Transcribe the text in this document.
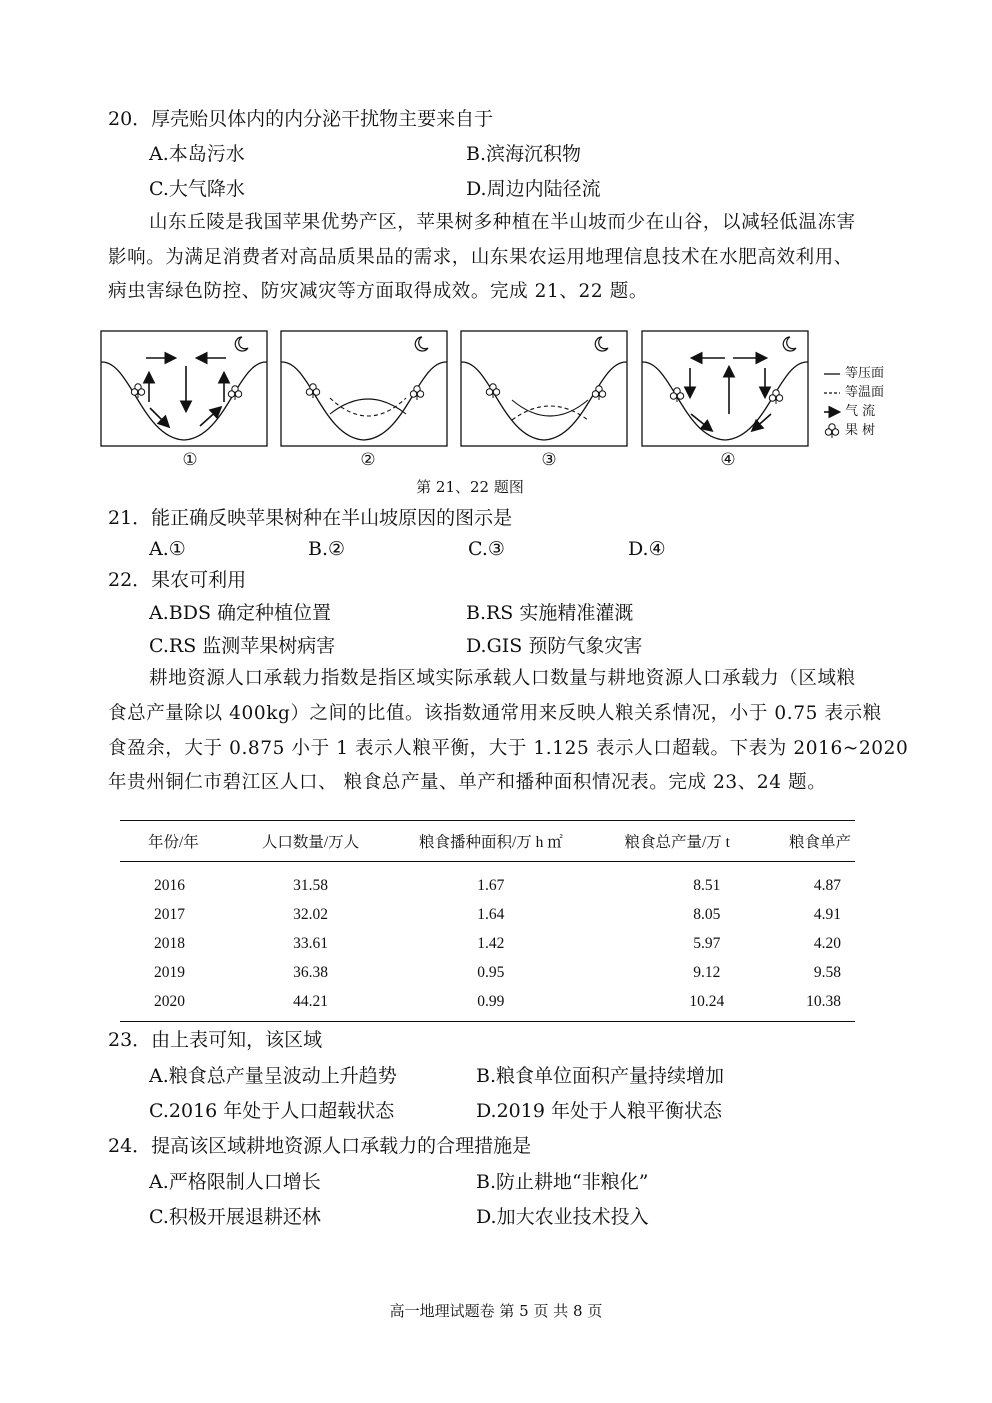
20．厚壳贻贝体内的内分泌干扰物主要来自于
A.本岛污水	B.滨海沉积物
C.大气降水	D.周边内陆径流
山东丘陵是我国苹果优势产区，苹果树多种植在半山坡而少在山谷，以减轻低温冻害
影响。为满足消费者对高品质果品的需求，山东果农运用地理信息技术在水肥高效利用、
病虫害绿色防控、防灾减灾等方面取得成效。完成 21、22 题。
等压面
等温面
气 流
果 树
①	②	③	④
第 21、22 题图
21．能正确反映苹果树种在半山坡原因的图示是
A.①	B.②	C.③	D.④
22．果农可利用
A.BDS 确定种植位置	B.RS 实施精准灌溉
C.RS 监测苹果树病害	D.GIS 预防气象灾害
耕地资源人口承载力指数是指区域实际承载人口数量与耕地资源人口承载力（区域粮
食总产量除以 400kg）之间的比值。该指数通常用来反映人粮关系情况，小于 0.75 表示粮
食盈余，大于 0.875 小于 1 表示人粮平衡，大于 1.125 表示人口超载。下表为 2016~2020
年贵州铜仁市碧江区人口、 粮食总产量、单产和播种面积情况表。完成 23、24 题。
年份/年	人口数量/万人	粮食播种面积/万 h ㎡	粮食总产量/万 t	粮食单产
2016	31.58	1.67	8.51	4.87
2017	32.02	1.64	8.05	4.91
2018	33.61	1.42	5.97	4.20
2019	36.38	0.95	9.12	9.58
2020	44.21	0.99	10.24	10.38
23．由上表可知，该区域
A.粮食总产量呈波动上升趋势	B.粮食单位面积产量持续增加
C.2016 年处于人口超载状态	D.2019 年处于人粮平衡状态
24．提高该区域耕地资源人口承载力的合理措施是
A.严格限制人口增长	B.防止耕地“非粮化”
C.积极开展退耕还林	D.加大农业技术投入
高一地理试题卷 第 5 页 共 8 页
